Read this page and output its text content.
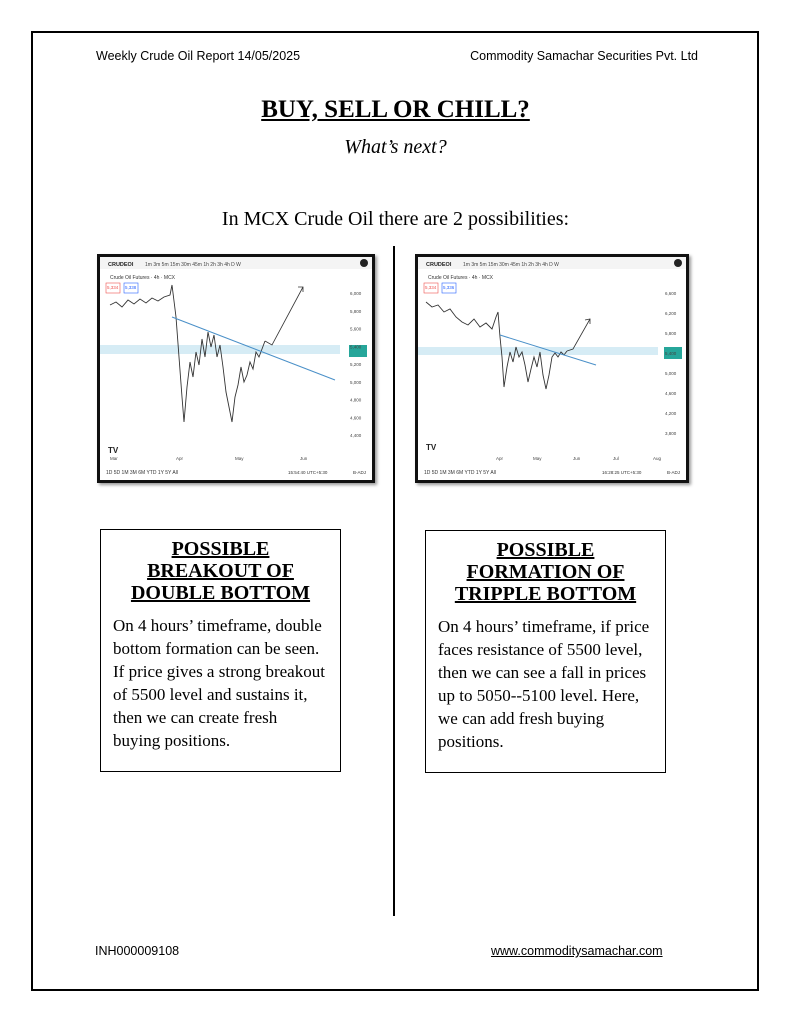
Weekly Crude Oil Report 14/05/2025	Commodity Samachar Securities Pvt. Ltd
BUY, SELL OR CHILL?
What’s next?
In MCX Crude Oil there are 2 possibilities:
CRUDEOI 1m 3m 5m 15m 30m 45m 1h 2h 3h 4h D W
Crude Oil Futures · 4h · MCX
5,334 5,338
6,000
5,800
5,600
5,400
5,200
5,000
4,800
4,600
4,400
Mar	Apr	May	Jun
TV
1D 5D 1M 3M 6M YTD 1Y 5Y All	15:54:40 UTC+5:30	B-ADJ
CRUDEOI 1m 3m 5m 15m 30m 45m 1h 2h 3h 4h D W
Crude Oil Futures · 4h · MCX
5,334 5,336
6,600
6,200
5,800
5,400
5,000
4,600
4,200
3,800
Apr	May	Jun	Jul	Aug
TV
1D 5D 1M 3M 6M YTD 1Y 5Y All	16:28:25 UTC+5:30	B-ADJ
POSSIBLE
BREAKOUT OF
DOUBLE BOTTOM
On 4 hours’ timeframe, double bottom formation can be seen. If price gives a strong breakout of 5500 level and sustains it, then we can create fresh buying positions.
POSSIBLE
FORMATION OF
TRIPPLE BOTTOM
On 4 hours’ timeframe, if price faces resistance of 5500 level, then we can see a fall in prices up to 5050--5100 level. Here, we can add fresh buying positions.
INH000009108	www.commoditysamachar.com
